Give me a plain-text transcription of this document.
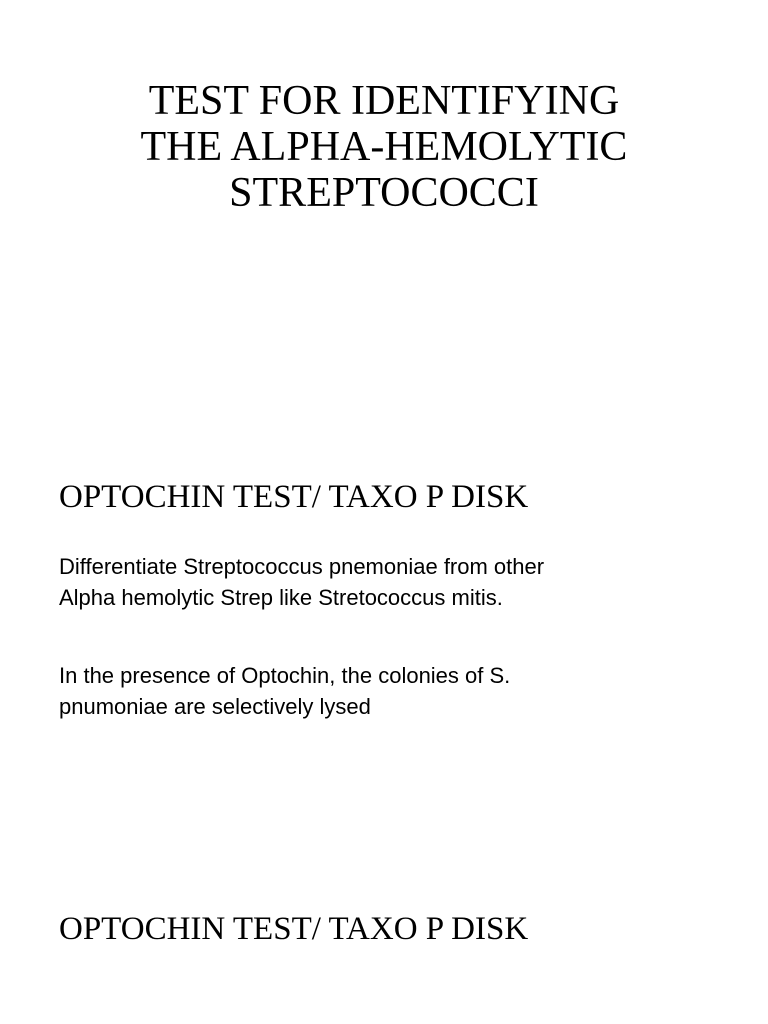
TEST FOR IDENTIFYING
THE ALPHA-HEMOLYTIC
STREPTOCOCCI
OPTOCHIN TEST/ TAXO P DISK
Differentiate Streptococcus pnemoniae from other
Alpha hemolytic Strep like Stretococcus mitis.
In the presence of Optochin, the colonies of S.
pnumoniae are selectively lysed
OPTOCHIN TEST/ TAXO P DISK
